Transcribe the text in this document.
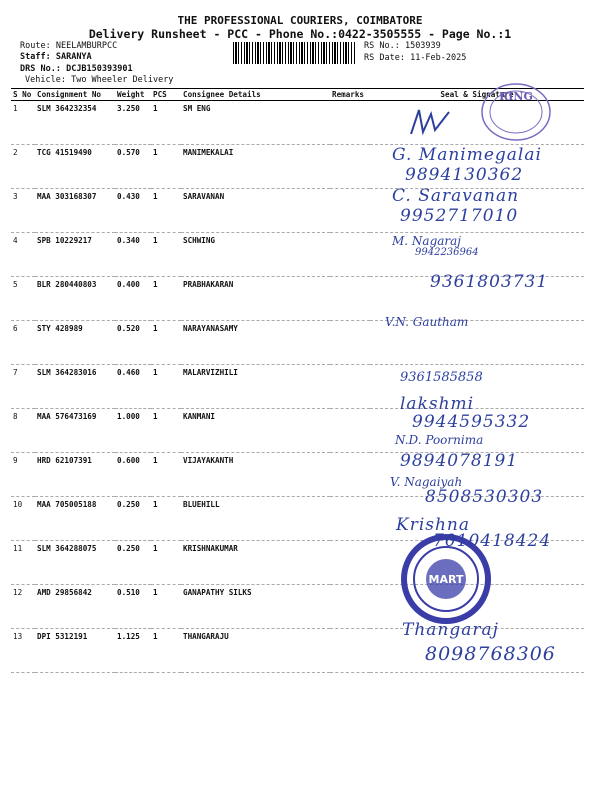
THE PROFESSIONAL COURIERS, COIMBATORE
Delivery Runsheet - PCC - Phone No.:0422-3505555 - Page No.:1
Route: NEELAMBURPCC
Staff: SARANYA
DRS No.: DCJB150393901
Vehicle: Two Wheeler Delivery
RS No.: 1503939
RS Date: 11-Feb-2025
S No	Consignment No	Weight	PCS	Consignee Details	Remarks	Seal & Signature
1	SLM 364232354	3.250	1	SM ENG		
2	TCG 41519490	0.570	1	MANIMEKALAI		
3	MAA 303168307	0.430	1	SARAVANAN		
4	SPB 10229217	0.340	1	SCHWING		
5	BLR 280440803	0.400	1	PRABHAKARAN		
6	STY 428989	0.520	1	NARAYANASAMY		
7	SLM 364283016	0.460	1	MALARVIZHILI		
8	MAA 576473169	1.000	1	KANMANI		
9	HRD 62107391	0.600	1	VIJAYAKANTH		
10	MAA 705005188	0.250	1	BLUEHILL		
11	SLM 364288075	0.250	1	KRISHNAKUMAR		
12	AMD 29856842	0.510	1	GANAPATHY SILKS		
13	DPI 5312191	1.125	1	THANGARAJU		
RING
MART
G. Manimegalai
9894130362
C. Saravanan
9952717010
M. Nagaraj
9942236964
9361803731
V.N. Gautham
9361585858
lakshmi
9944595332
N.D. Poornima
9894078191
V. Nagaiyah
8508530303
Krishna
7010418424
Thangaraj
8098768306
